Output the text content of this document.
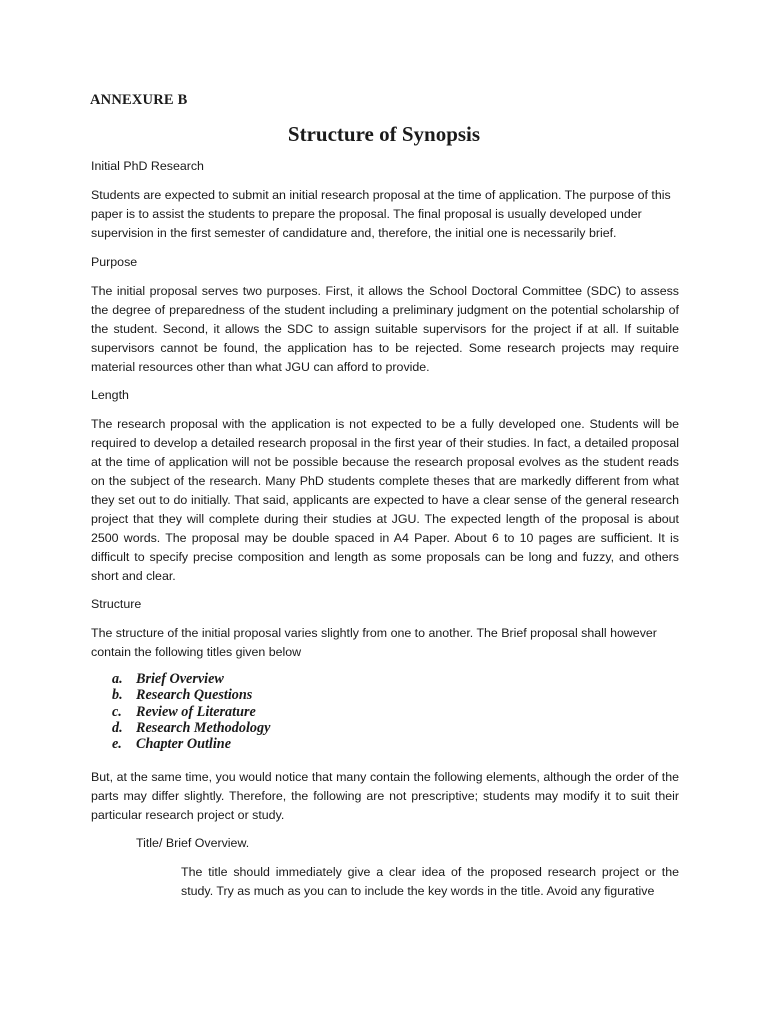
ANNEXURE B
Structure of Synopsis
Initial PhD Research

Students are expected to submit an initial research proposal at the time of application. The purpose of this paper is to assist the students to prepare the proposal. The final proposal is usually developed under supervision in the first semester of candidature and, therefore, the initial one is necessarily brief.

Purpose

The initial proposal serves two purposes. First, it allows the School Doctoral Committee (SDC) to assess the degree of preparedness of the student including a preliminary judgment on the potential scholarship of the student. Second, it allows the SDC to assign suitable supervisors for the project if at all. If suitable supervisors cannot be found, the application has to be rejected. Some research projects may require material resources other than what JGU can afford to provide.

Length

The research proposal with the application is not expected to be a fully developed one. Students will be required to develop a detailed research proposal in the first year of their studies. In fact, a detailed proposal at the time of application will not be possible because the research proposal evolves as the student reads on the subject of the research. Many PhD students complete theses that are markedly different from what they set out to do initially. That said, applicants are expected to have a clear sense of the general research project that they will complete during their studies at JGU. The expected length of the proposal is about 2500 words. The proposal may be double spaced in A4 Paper. About 6 to 10 pages are sufficient. It is difficult to specify precise composition and length as some proposals can be long and fuzzy, and others short and clear.

Structure

The structure of the initial proposal varies slightly from one to another. The Brief proposal shall however contain the following titles given below

a. Brief Overview
b. Research Questions
c. Review of Literature
d. Research Methodology
e. Chapter Outline

But, at the same time, you would notice that many contain the following elements, although the order of the parts may differ slightly. Therefore, the following are not prescriptive; students may modify it to suit their particular research project or study.

Title/ Brief Overview.

The title should immediately give a clear idea of the proposed research project or the study. Try as much as you can to include the key words in the title. Avoid any figurative
